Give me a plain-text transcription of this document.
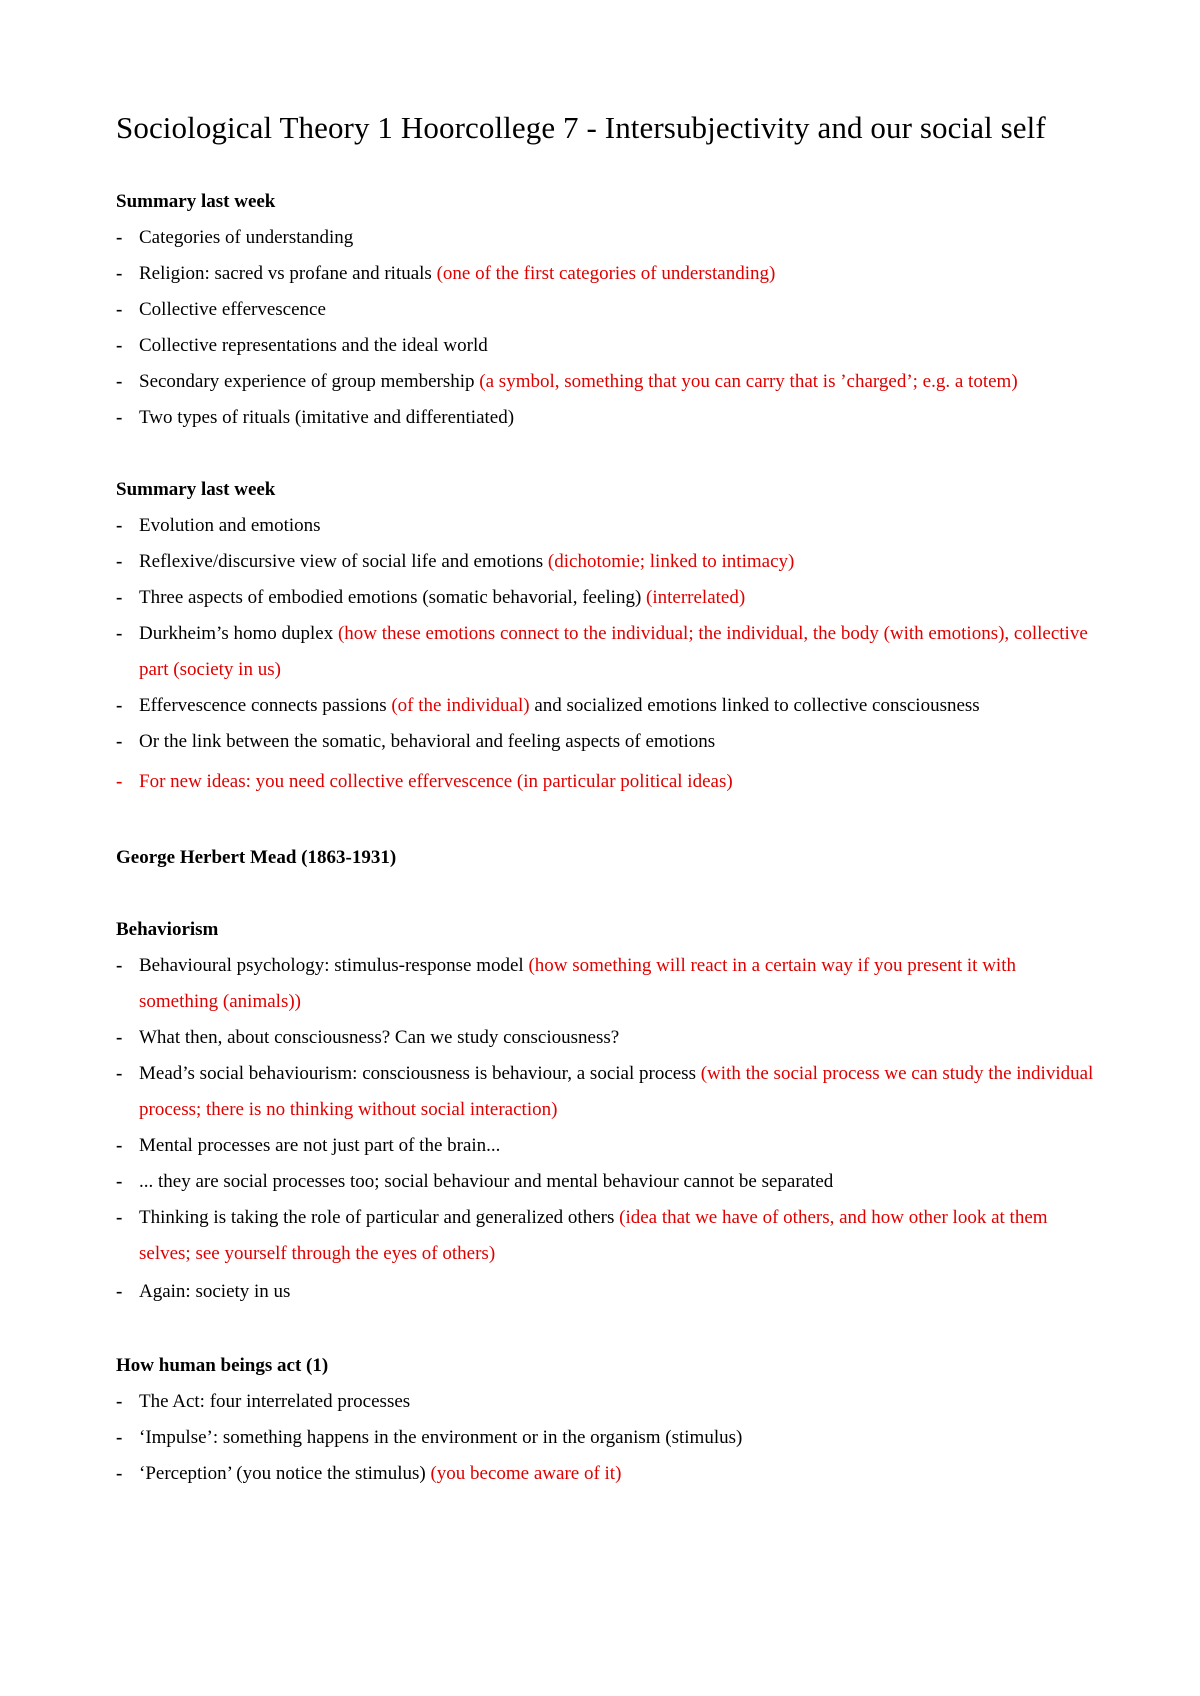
Sociological Theory 1 Hoorcollege 7 - Intersubjectivity and our social self

Summary last week

- Categories of understanding
- Religion: sacred vs profane and rituals (one of the first categories of understanding)
- Collective effervescence
- Collective representations and the ideal world
- Secondary experience of group membership (a symbol, something that you can carry that is ’charged’; e.g. a totem)
- Two types of rituals (imitative and differentiated)

Summary last week

- Evolution and emotions
- Reflexive/discursive view of social life and emotions (dichotomie; linked to intimacy)
- Three aspects of embodied emotions (somatic behavorial, feeling) (interrelated)
- Durkheim’s homo duplex (how these emotions connect to the individual; the individual, the body (with emotions), collective part (society in us)
- Effervescence connects passions (of the individual) and socialized emotions linked to collective consciousness
- Or the link between the somatic, behavioral and feeling aspects of emotions
- For new ideas: you need collective effervescence (in particular political ideas)

George Herbert Mead (1863-1931)

Behaviorism

- Behavioural psychology: stimulus-response model (how something will react in a certain way if you present it with something (animals))
- What then, about consciousness? Can we study consciousness?
- Mead’s social behaviourism: consciousness is behaviour, a social process (with the social process we can study the individual process; there is no thinking without social interaction)
- Mental processes are not just part of the brain...
- ... they are social processes too; social behaviour and mental behaviour cannot be separated
- Thinking is taking the role of particular and generalized others (idea that we have of others, and how other look at them selves; see yourself through the eyes of others)
- Again: society in us

How human beings act (1)

- The Act: four interrelated processes
- ‘Impulse’: something happens in the environment or in the organism (stimulus)
- ‘Perception’ (you notice the stimulus) (you become aware of it)
